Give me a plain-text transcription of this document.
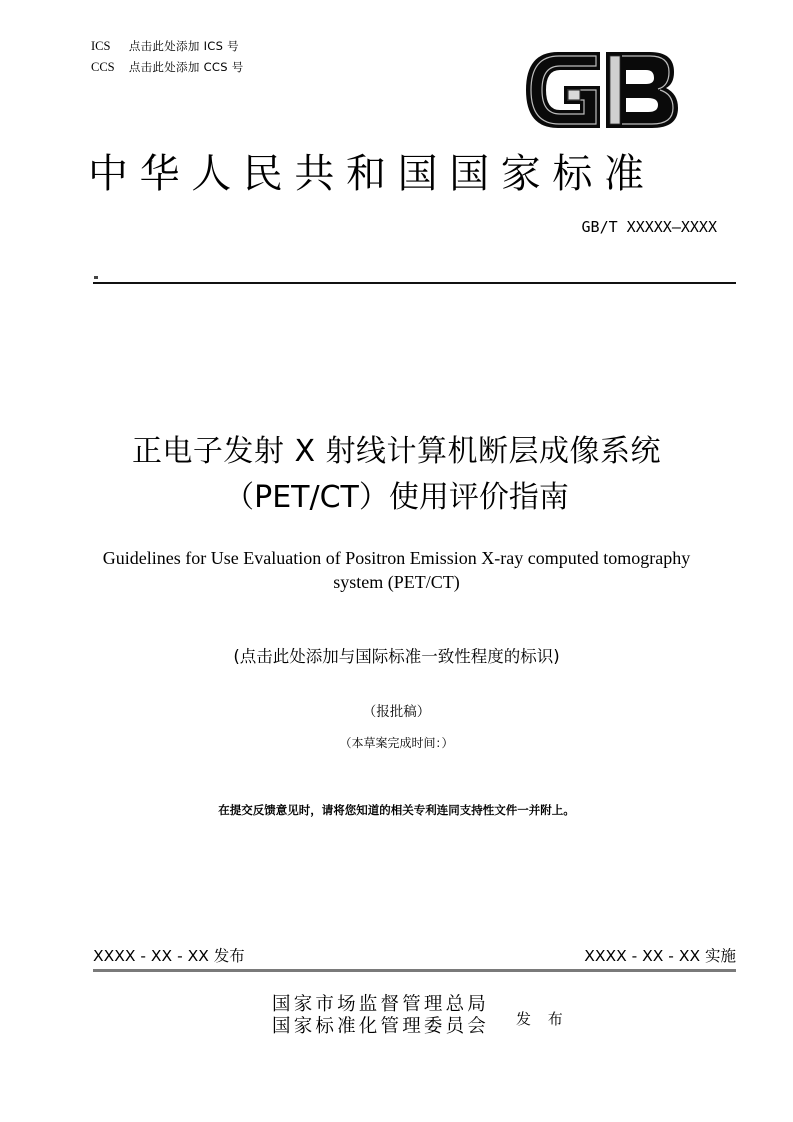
ICS 点击此处添加 ICS 号
CCS 点击此处添加 CCS 号
中华人民共和国国家标准
GB/T XXXXX—XXXX
正电子发射 X 射线计算机断层成像系统
（PET/CT）使用评价指南
Guidelines for Use Evaluation of Positron Emission X-ray computed tomography
system (PET/CT)
(点击此处添加与国际标准一致性程度的标识)
（报批稿）
（本草案完成时间：）
在提交反馈意见时，请将您知道的相关专利连同支持性文件一并附上。
XXXX - XX - XX 发布	XXXX - XX - XX 实施
国家市场监督管理总局
国家标准化管理委员会 发 布
